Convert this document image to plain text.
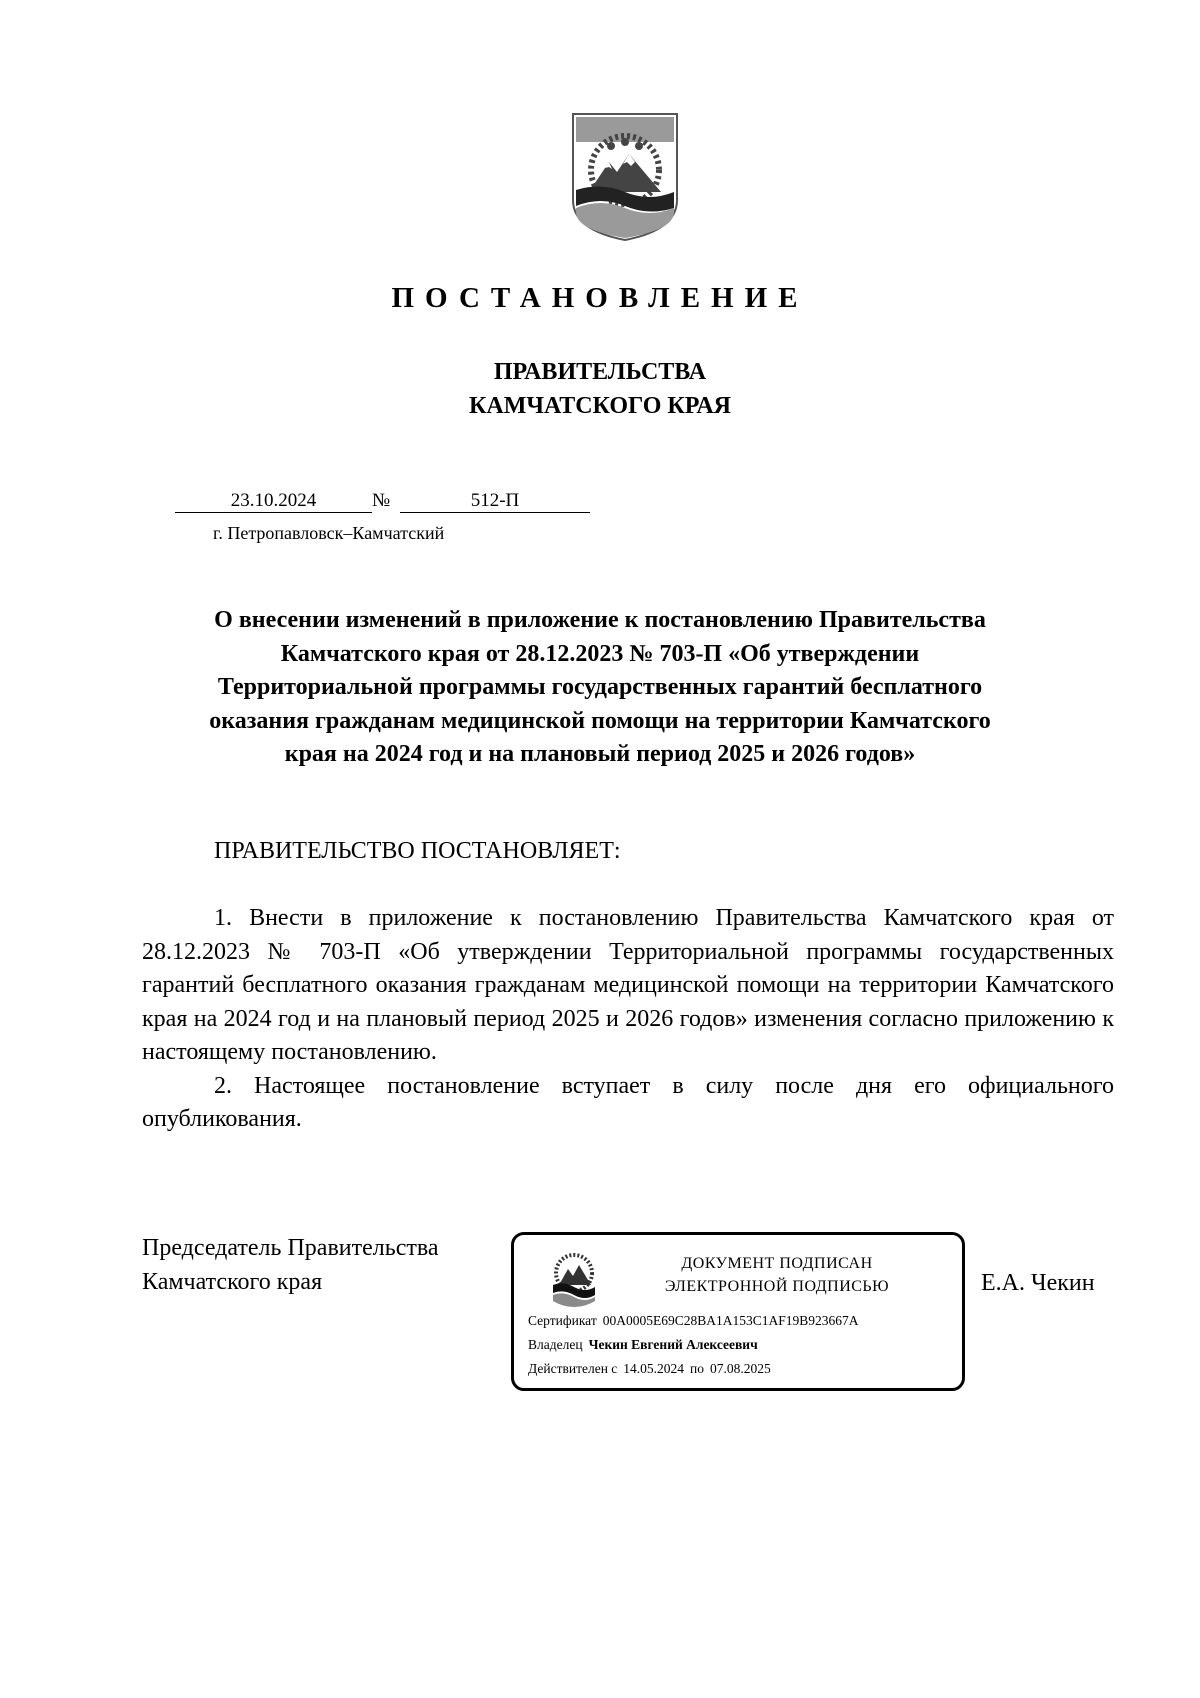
ПОСТАНОВЛЕНИЕ
ПРАВИТЕЛЬСТВА
КАМЧАТСКОГО КРАЯ
23.10.2024	№	512-П
г. Петропавловск–Камчатский
О внесении изменений в приложение к постановлению Правительства
Камчатского края от 28.12.2023 № 703-П «Об утверждении
Территориальной программы государственных гарантий бесплатного
оказания гражданам медицинской помощи на территории Камчатского
края на 2024 год и на плановый период 2025 и 2026 годов»
ПРАВИТЕЛЬСТВО ПОСТАНОВЛЯЕТ:

1. Внести в приложение к постановлению Правительства Камчатского края от 28.12.2023 № 703-П «Об утверждении Территориальной программы государственных гарантий бесплатного оказания гражданам медицинской помощи на территории Камчатского края на 2024 год и на плановый период 2025 и 2026 годов» изменения согласно приложению к настоящему постановлению.

2. Настоящее постановление вступает в силу после дня его официального опубликования.

Председатель Правительства
Камчатского края
ДОКУМЕНТ ПОДПИСАН
ЭЛЕКТРОННОЙ ПОДПИСЬЮ
Сертификат 00A0005E69C28BA1A153C1AF19B923667A
Владелец Чекин Евгений Алексеевич
Действителен с 14.05.2024 по 07.08.2025
Е.А. Чекин
